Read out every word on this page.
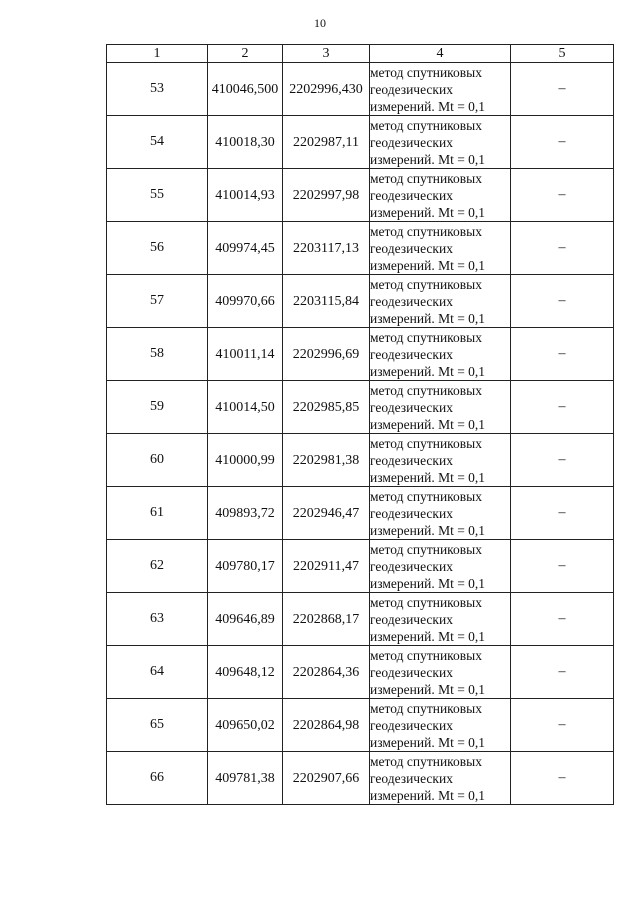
10
1	2	3	4	5
53	410046,500	2202996,430	метод спутниковых
геодезических
измерений. Mt = 0,1	–
54	410018,30	2202987,11	метод спутниковых
геодезических
измерений. Mt = 0,1	–
55	410014,93	2202997,98	метод спутниковых
геодезических
измерений. Mt = 0,1	–
56	409974,45	2203117,13	метод спутниковых
геодезических
измерений. Mt = 0,1	–
57	409970,66	2203115,84	метод спутниковых
геодезических
измерений. Mt = 0,1	–
58	410011,14	2202996,69	метод спутниковых
геодезических
измерений. Mt = 0,1	–
59	410014,50	2202985,85	метод спутниковых
геодезических
измерений. Mt = 0,1	–
60	410000,99	2202981,38	метод спутниковых
геодезических
измерений. Mt = 0,1	–
61	409893,72	2202946,47	метод спутниковых
геодезических
измерений. Mt = 0,1	–
62	409780,17	2202911,47	метод спутниковых
геодезических
измерений. Mt = 0,1	–
63	409646,89	2202868,17	метод спутниковых
геодезических
измерений. Mt = 0,1	–
64	409648,12	2202864,36	метод спутниковых
геодезических
измерений. Mt = 0,1	–
65	409650,02	2202864,98	метод спутниковых
геодезических
измерений. Mt = 0,1	–
66	409781,38	2202907,66	метод спутниковых
геодезических
измерений. Mt = 0,1	–
